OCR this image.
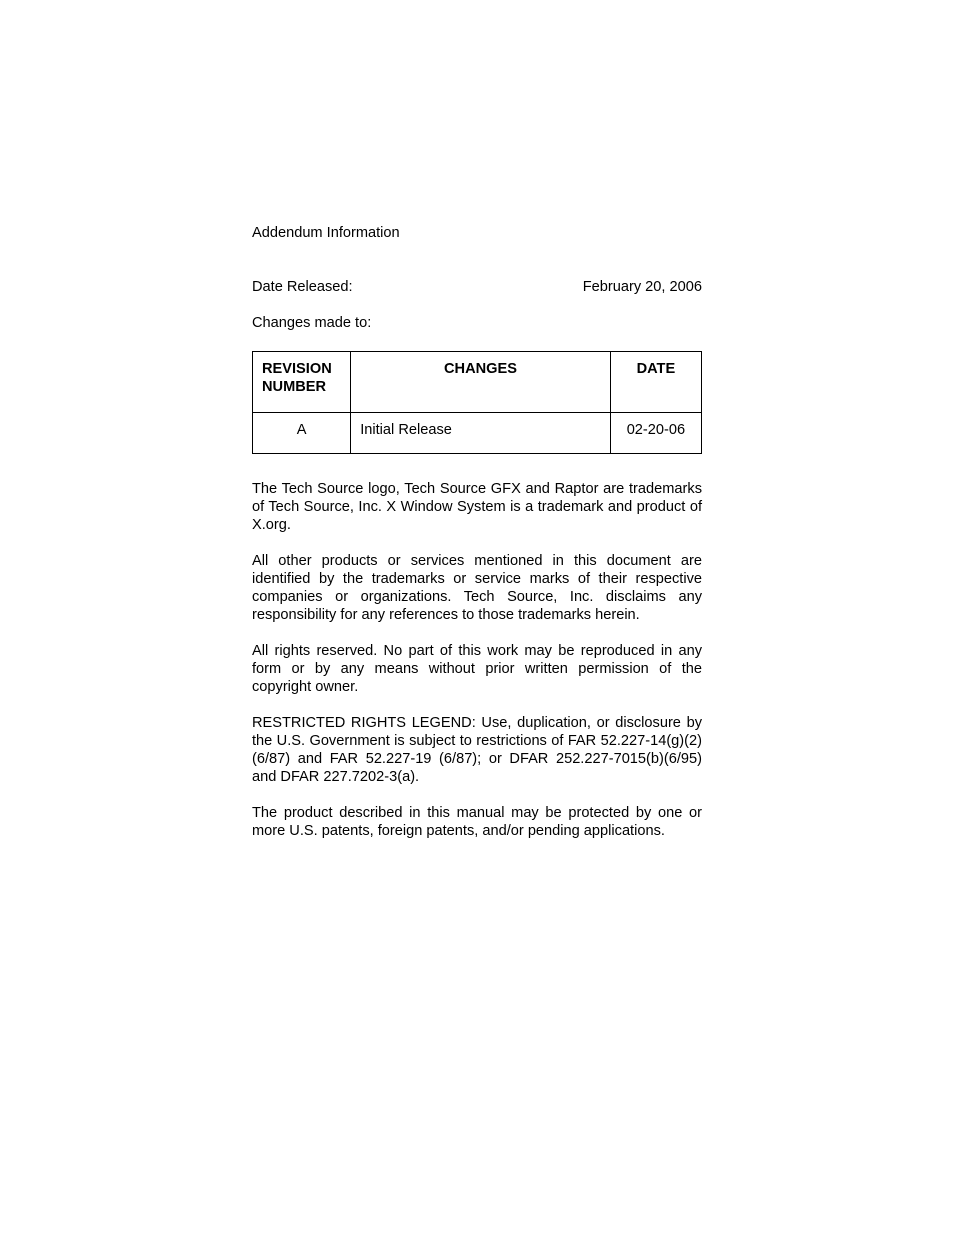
Addendum Information
Date Released:	February 20, 2006
Changes made to:
REVISION
NUMBER	CHANGES	DATE
A	Initial Release	02-20-06

The Tech Source logo, Tech Source GFX and Raptor are trademarks of Tech Source, Inc. X Window System is a trademark and product of X.org.

All other products or services mentioned in this document are identified by the trademarks or service marks of their respective companies or organizations. Tech Source, Inc. disclaims any responsibility for any references to those trademarks herein.

All rights reserved. No part of this work may be reproduced in any form or by any means without prior written permission of the copyright owner.

RESTRICTED RIGHTS LEGEND: Use, duplication, or disclosure by the U.S. Government is subject to restrictions of FAR 52.227-14(g)(2)(6/87) and FAR 52.227-19 (6/87); or DFAR 252.227-7015(b)(6/95) and DFAR 227.7202-3(a).

The product described in this manual may be protected by one or more U.S. patents, foreign patents, and/or pending applications.
